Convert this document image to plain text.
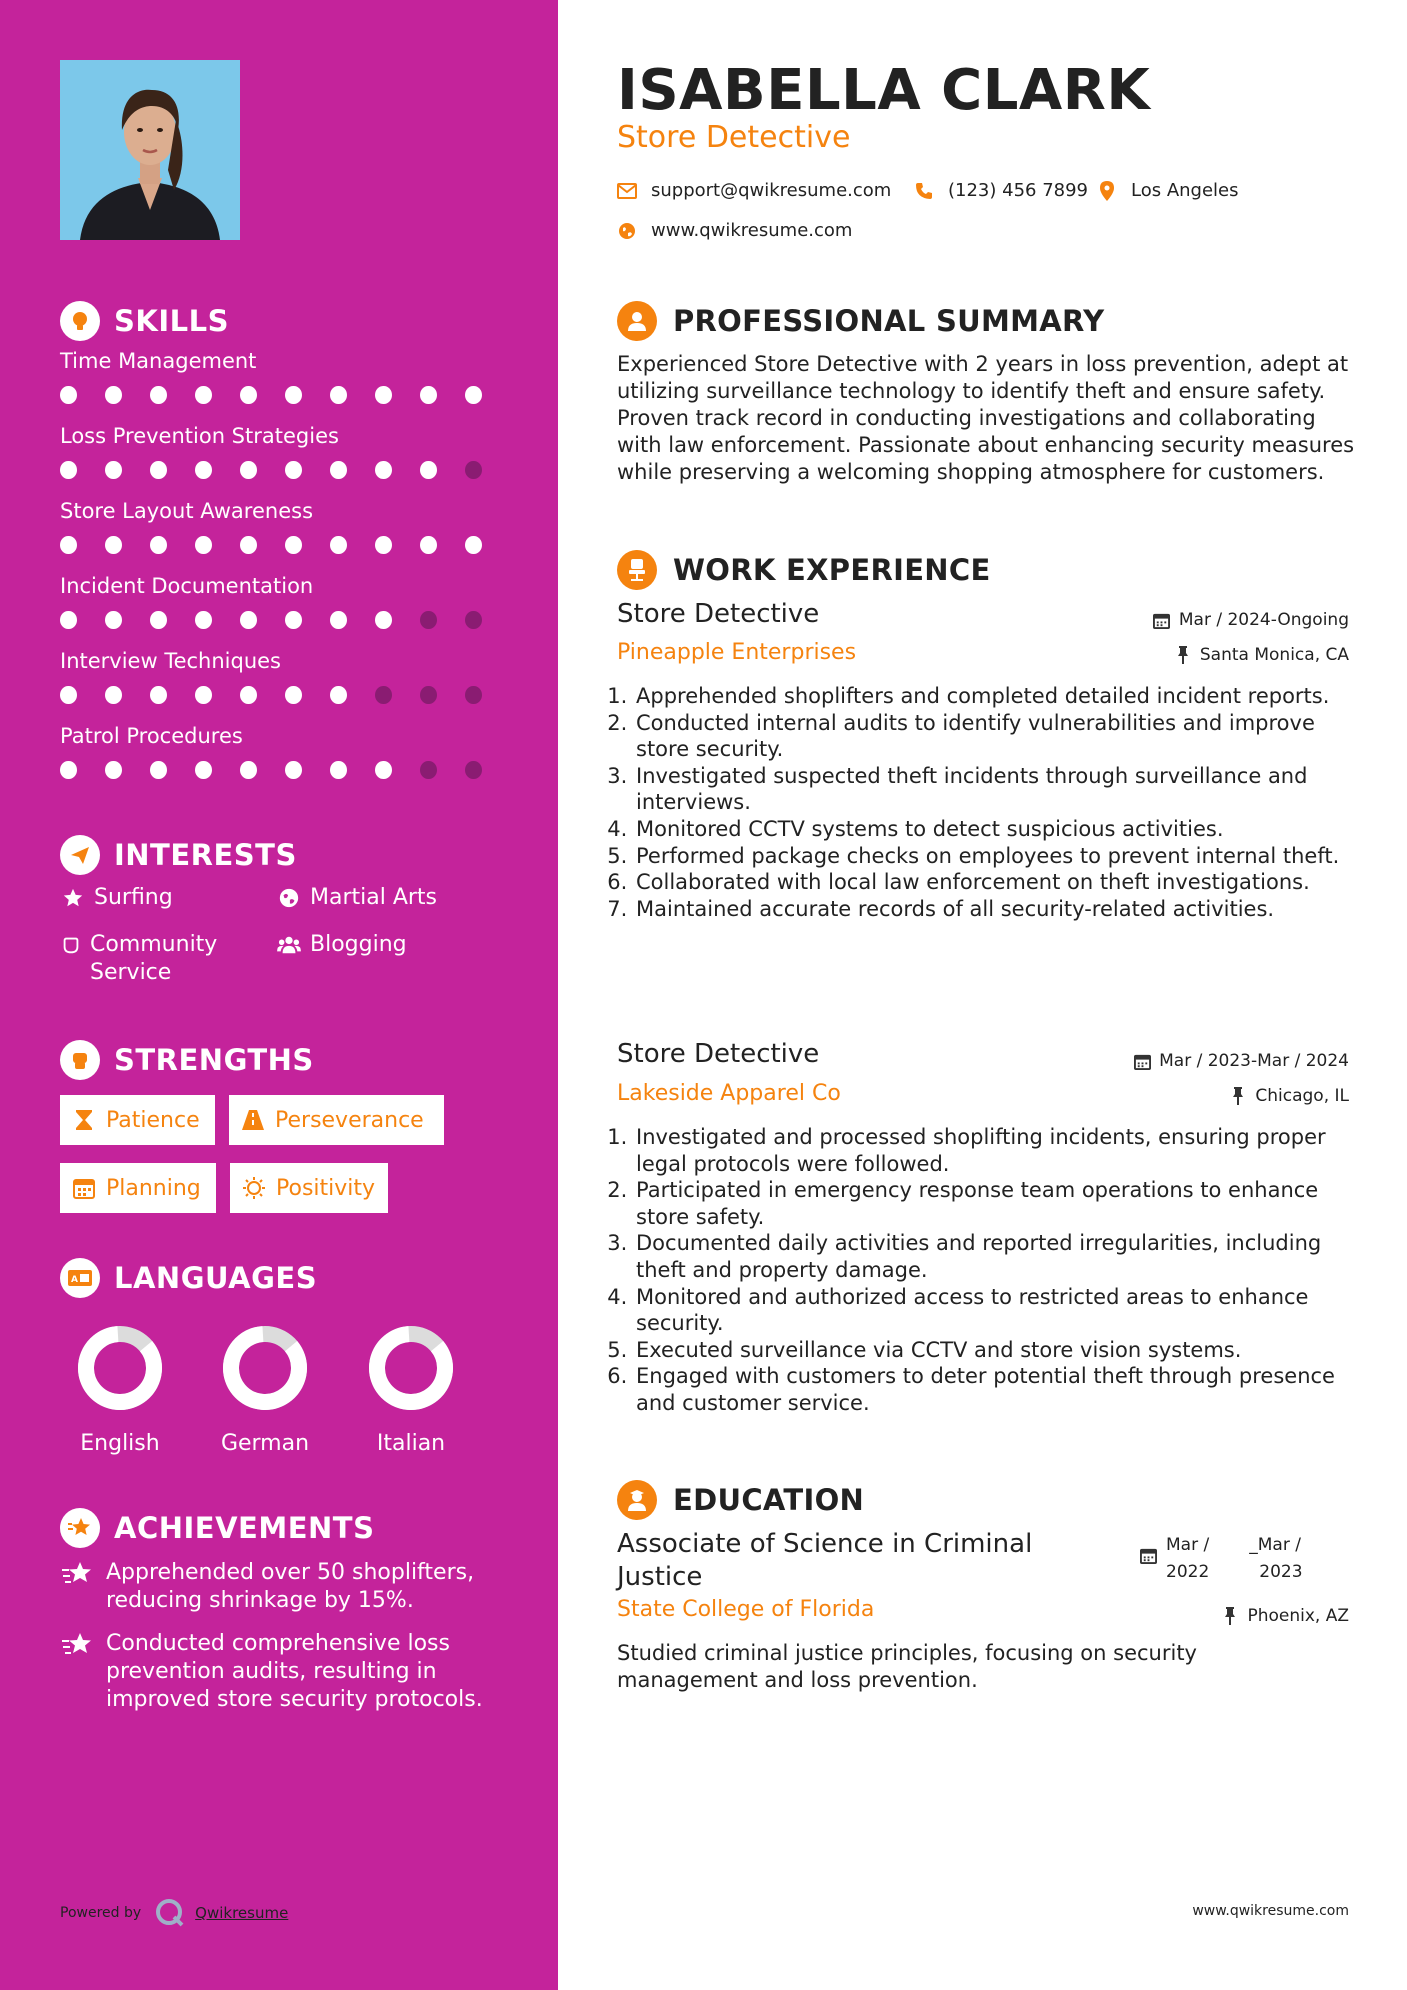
SKILLS
Time Management
Loss Prevention Strategies
Store Layout Awareness
Incident Documentation
Interview Techniques
Patrol Procedures
INTERESTS
Surfing	Martial Arts
Community Service
Blogging
STRENGTHS
Patience	Perseverance
Planning	Positivity
A LANGUAGES
English	German	Italian
ACHIEVEMENTS
Apprehended over 50 shoplifters, reducing shrinkage by 15%.
Conducted comprehensive loss prevention audits, resulting in improved store security protocols.
Powered by	Qwikresume
ISABELLA CLARK
Store Detective
support@qwikresume.com	(123) 456 7899 Los Angeles
www.qwikresume.com
PROFESSIONAL SUMMARY
Experienced Store Detective with 2 years in loss prevention, adept at utilizing surveillance technology to identify theft and ensure safety. Proven track record in conducting investigations and collaborating with law enforcement. Passionate about enhancing security measures while preserving a welcoming shopping atmosphere for customers.
WORK EXPERIENCE
Store Detective	Mar / 2024-Ongoing
Pineapple Enterprises	Santa Monica, CA
1. Apprehended shoplifters and completed detailed incident reports.
2. Conducted internal audits to identify vulnerabilities and improve store security.
3. Investigated suspected theft incidents through surveillance and interviews.
4. Monitored CCTV systems to detect suspicious activities.
5. Performed package checks on employees to prevent internal theft.
6. Collaborated with local law enforcement on theft investigations.
7. Maintained accurate records of all security-related activities.
Store Detective	Mar / 2023-Mar / 2024
Lakeside Apparel Co	Chicago, IL
1. Investigated and processed shoplifting incidents, ensuring proper legal protocols were followed.
2. Participated in emergency response team operations to enhance store safety.
3. Documented daily activities and reported irregularities, including theft and property damage.
4. Monitored and authorized access to restricted areas to enhance security.
5. Executed surveillance via CCTV and store vision systems.
6. Engaged with customers to deter potential theft through presence and customer service.
EDUCATION
Associate of Science in Criminal Justice
Mar /
2022
_Mar /
2023
State College of Florida	Phoenix, AZ
Studied criminal justice principles, focusing on security management and loss prevention.
www.qwikresume.com
